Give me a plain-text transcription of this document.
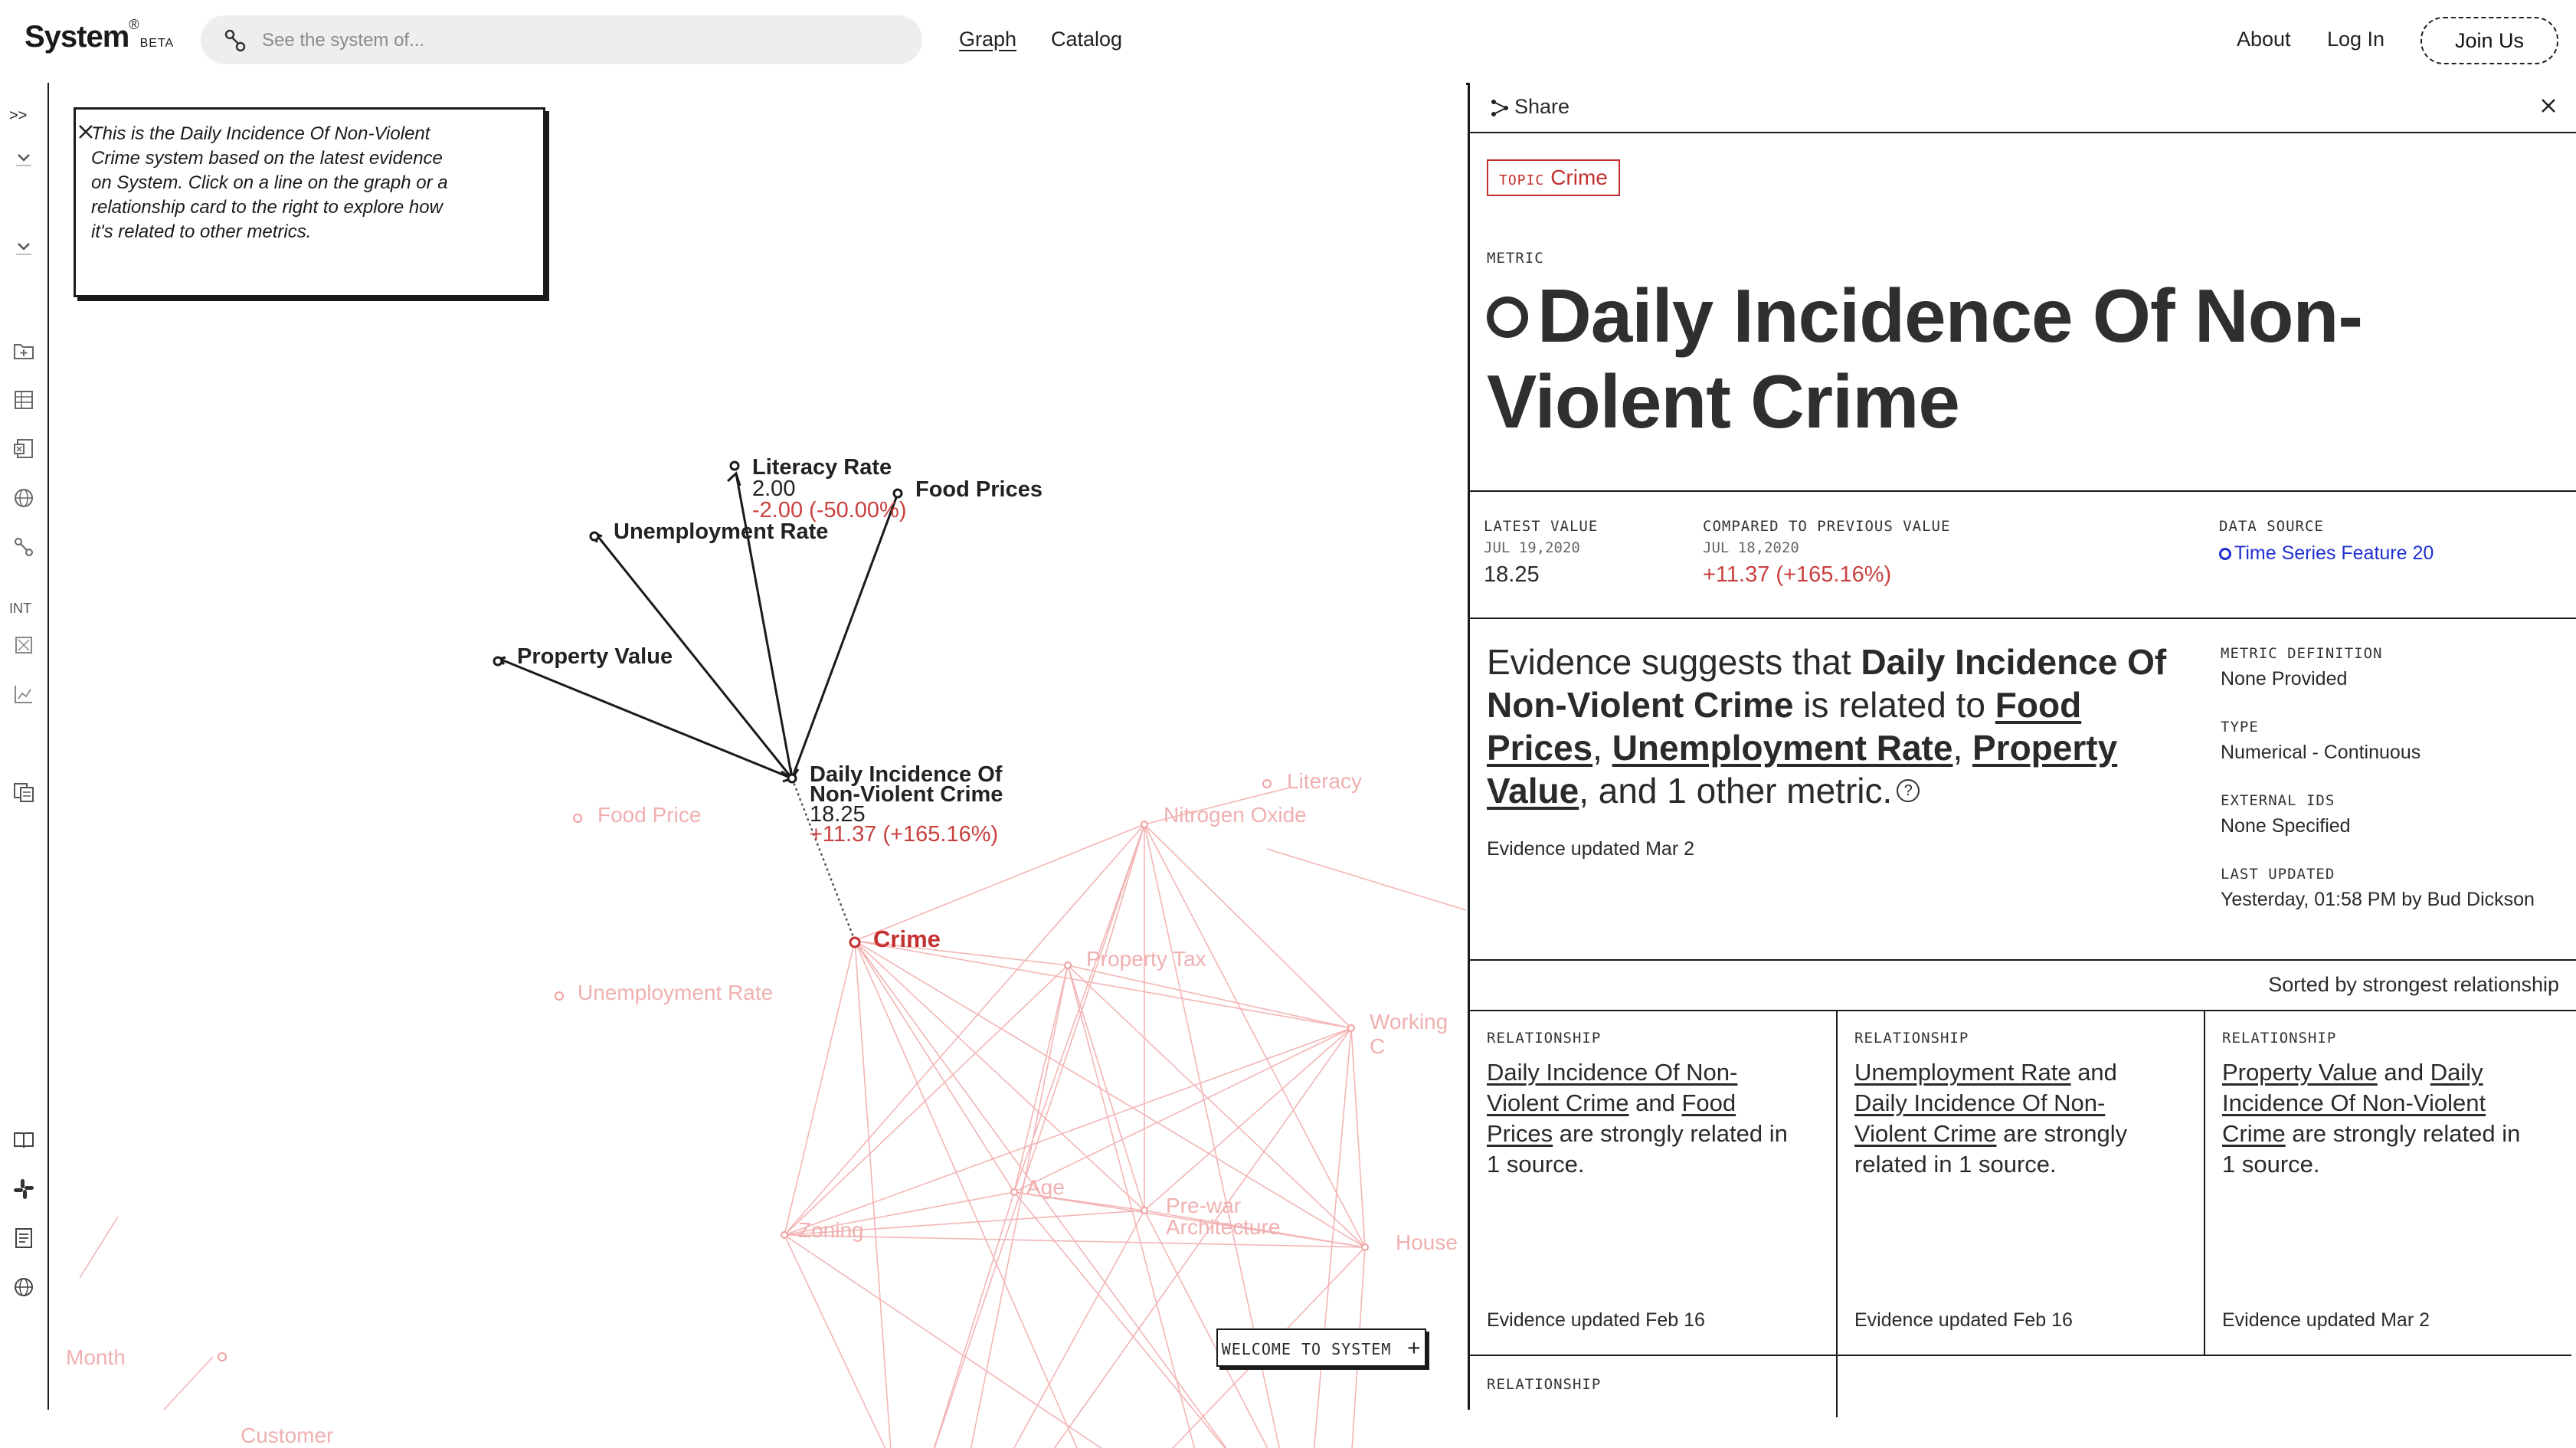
System®BETA
See the system of...	Graph Catalog	About Log In	Join Us
>>
INT
Literacy
Nitrogen Oxide
Food Price
Property Tax
Unemployment Rate
Working C
Age
Pre-war
Architecture
Zoning
House
Month
Customer
Literacy Rate
2.00
-2.00 (-50.00%)
Food Prices
Unemployment Rate
Property Value
Daily Incidence Of
Non-Violent Crime
18.25
+11.37 (+165.16%)
Crime

This is the Daily Incidence Of Non-Violent Crime system based on the latest evidence on System. Click on a line on the graph or a relationship card to the right to explore how it's related to other metrics.

WELCOME TO SYSTEM +
Share
TOPIC Crime
METRIC
Daily Incidence Of Non-Violent Crime
LATEST VALUE
JUL 19,2020
18.25
COMPARED TO PREVIOUS VALUE
JUL 18,2020
+11.37 (+165.16%)
DATA SOURCE
Time Series Feature 20
Evidence suggests that Daily Incidence Of Non-Violent Crime is related to Food Prices, Unemployment Rate, Property Value, and 1 other metric. ?
Evidence updated Mar 2
METRIC DEFINITION
None Provided
TYPE
Numerical - Continuous
EXTERNAL IDS
None Specified
LAST UPDATED
Yesterday, 01:58 PM by Bud Dickson
Sorted by strongest relationship
RELATIONSHIP
Daily Incidence Of Non-Violent Crime and Food Prices are strongly related in 1 source.
Evidence updated Feb 16
RELATIONSHIP
Unemployment Rate and Daily Incidence Of Non-Violent Crime are strongly related in 1 source.
Evidence updated Feb 16
RELATIONSHIP
Property Value and Daily Incidence Of Non-Violent Crime are strongly related in 1 source.
Evidence updated Mar 2
RELATIONSHIP
